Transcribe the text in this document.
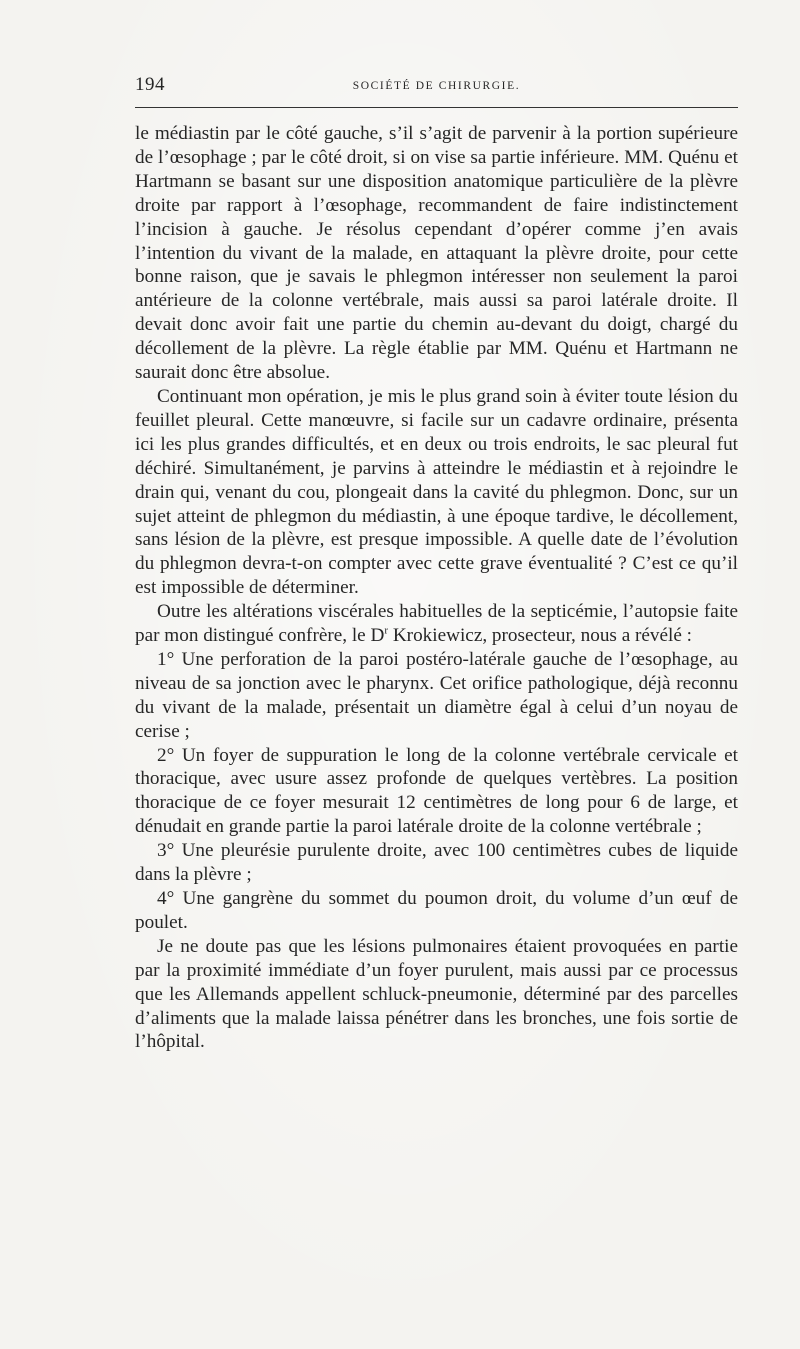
194	SOCIÉTÉ DE CHIRURGIE.

le médiastin par le côté gauche, s’il s’agit de parvenir à la portion supérieure de l’œsophage ; par le côté droit, si on vise sa partie inférieure. MM. Quénu et Hartmann se basant sur une disposition anatomique particulière de la plèvre droite par rapport à l’œsophage, recommandent de faire indistinctement l’incision à gauche. Je résolus cependant d’opérer comme j’en avais l’intention du vivant de la malade, en attaquant la plèvre droite, pour cette bonne raison, que je savais le phlegmon intéresser non seulement la paroi antérieure de la colonne vertébrale, mais aussi sa paroi latérale droite. Il devait donc avoir fait une partie du chemin au-devant du doigt, chargé du décollement de la plèvre. La règle établie par MM. Quénu et Hartmann ne saurait donc être absolue.

Continuant mon opération, je mis le plus grand soin à éviter toute lésion du feuillet pleural. Cette manœuvre, si facile sur un cadavre ordinaire, présenta ici les plus grandes difficultés, et en deux ou trois endroits, le sac pleural fut déchiré. Simultanément, je parvins à atteindre le médiastin et à rejoindre le drain qui, venant du cou, plongeait dans la cavité du phlegmon. Donc, sur un sujet atteint de phlegmon du médiastin, à une époque tardive, le décollement, sans lésion de la plèvre, est presque impossible. A quelle date de l’évolution du phlegmon devra-t-on compter avec cette grave éventualité ? C’est ce qu’il est impossible de déterminer.

Outre les altérations viscérales habituelles de la septicémie, l’autopsie faite par mon distingué confrère, le $D^r$ Krokiewicz, prosecteur, nous a révélé :

1° Une perforation de la paroi postéro-latérale gauche de l’œsophage, au niveau de sa jonction avec le pharynx. Cet orifice pathologique, déjà reconnu du vivant de la malade, présentait un diamètre égal à celui d’un noyau de cerise ;

2° Un foyer de suppuration le long de la colonne vertébrale cervicale et thoracique, avec usure assez profonde de quelques vertèbres. La position thoracique de ce foyer mesurait 12 centimètres de long pour 6 de large, et dénudait en grande partie la paroi latérale droite de la colonne vertébrale ;

3° Une pleurésie purulente droite, avec 100 centimètres cubes de liquide dans la plèvre ;

4° Une gangrène du sommet du poumon droit, du volume d’un œuf de poulet.

Je ne doute pas que les lésions pulmonaires étaient provoquées en partie par la proximité immédiate d’un foyer purulent, mais aussi par ce processus que les Allemands appellent schluck-pneumonie, déterminé par des parcelles d’aliments que la malade laissa pénétrer dans les bronches, une fois sortie de l’hôpital.
